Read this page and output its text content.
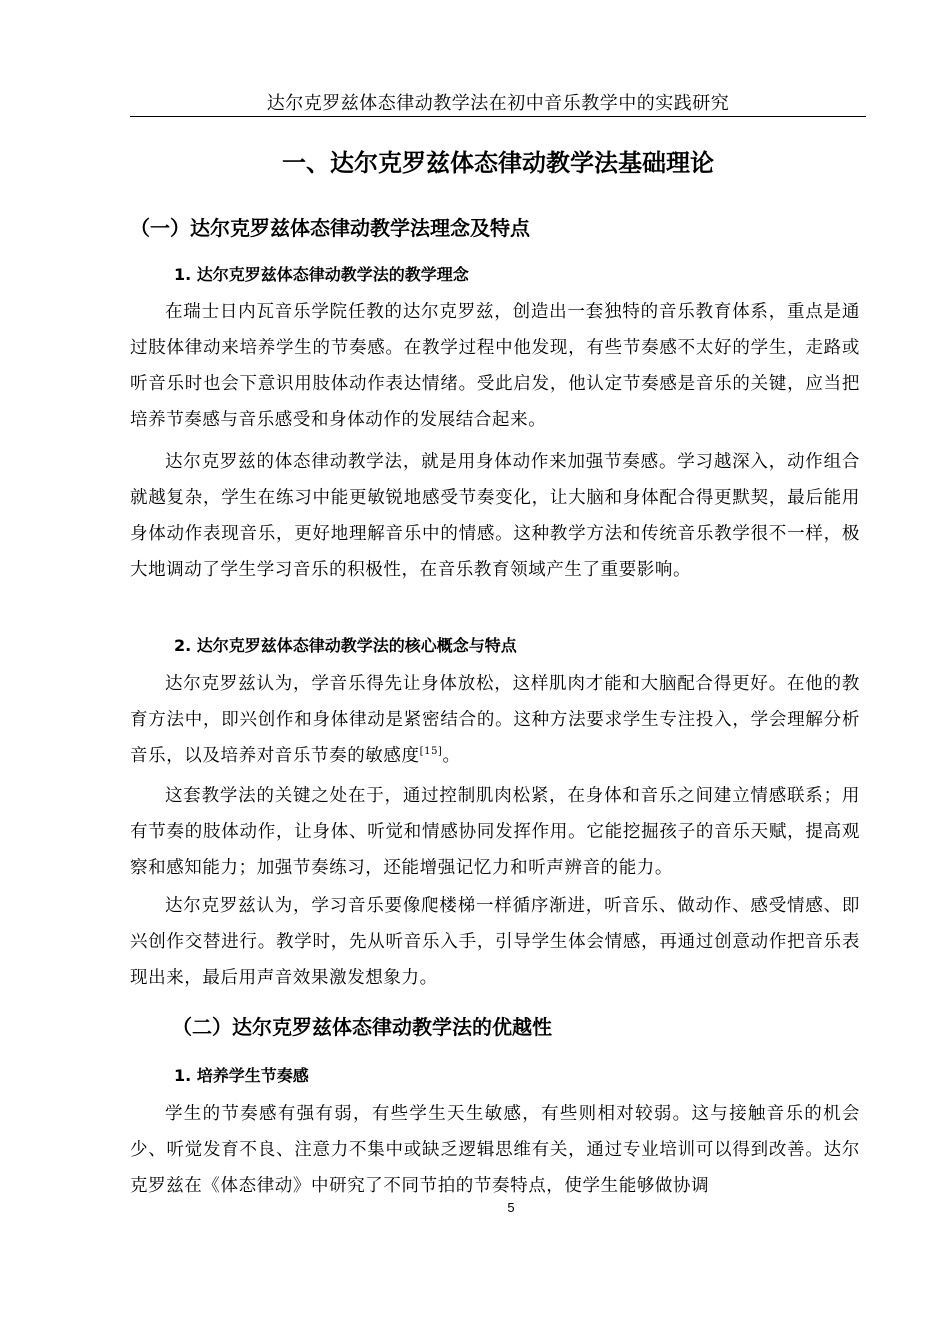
达尔克罗兹体态律动教学法在初中音乐教学中的实践研究
一、达尔克罗兹体态律动教学法基础理论
（一）达尔克罗兹体态律动教学法理念及特点
1. 达尔克罗兹体态律动教学法的教学理念

在瑞士日内瓦音乐学院任教的达尔克罗兹，创造出一套独特的音乐教育体系，重点是通过肢体律动来培养学生的节奏感。在教学过程中他发现，有些节奏感不太好的学生，走路或听音乐时也会下意识用肢体动作表达情绪。受此启发，他认定节奏感是音乐的关键，应当把培养节奏感与音乐感受和身体动作的发展结合起来。

达尔克罗兹的体态律动教学法，就是用身体动作来加强节奏感。学习越深入，动作组合就越复杂，学生在练习中能更敏锐地感受节奏变化，让大脑和身体配合得更默契，最后能用身体动作表现音乐，更好地理解音乐中的情感。这种教学方法和传统音乐教学很不一样，极大地调动了学生学习音乐的积极性，在音乐教育领域产生了重要影响。

2. 达尔克罗兹体态律动教学法的核心概念与特点

达尔克罗兹认为，学音乐得先让身体放松，这样肌肉才能和大脑配合得更好。在他的教育方法中，即兴创作和身体律动是紧密结合的。这种方法要求学生专注投入，学会理解分析音乐，以及培养对音乐节奏的敏感度[15]。

这套教学法的关键之处在于，通过控制肌肉松紧，在身体和音乐之间建立情感联系；用有节奏的肢体动作，让身体、听觉和情感协同发挥作用。它能挖掘孩子的音乐天赋，提高观察和感知能力；加强节奏练习，还能增强记忆力和听声辨音的能力。

达尔克罗兹认为，学习音乐要像爬楼梯一样循序渐进，听音乐、做动作、感受情感、即兴创作交替进行。教学时，先从听音乐入手，引导学生体会情感，再通过创意动作把音乐表现出来，最后用声音效果激发想象力。

（二）达尔克罗兹体态律动教学法的优越性
1. 培养学生节奏感

学生的节奏感有强有弱，有些学生天生敏感，有些则相对较弱。这与接触音乐的机会少、听觉发育不良、注意力不集中或缺乏逻辑思维有关，通过专业培训可以得到改善。达尔克罗兹在《体态律动》中研究了不同节拍的节奏特点，使学生能够做协调

5
